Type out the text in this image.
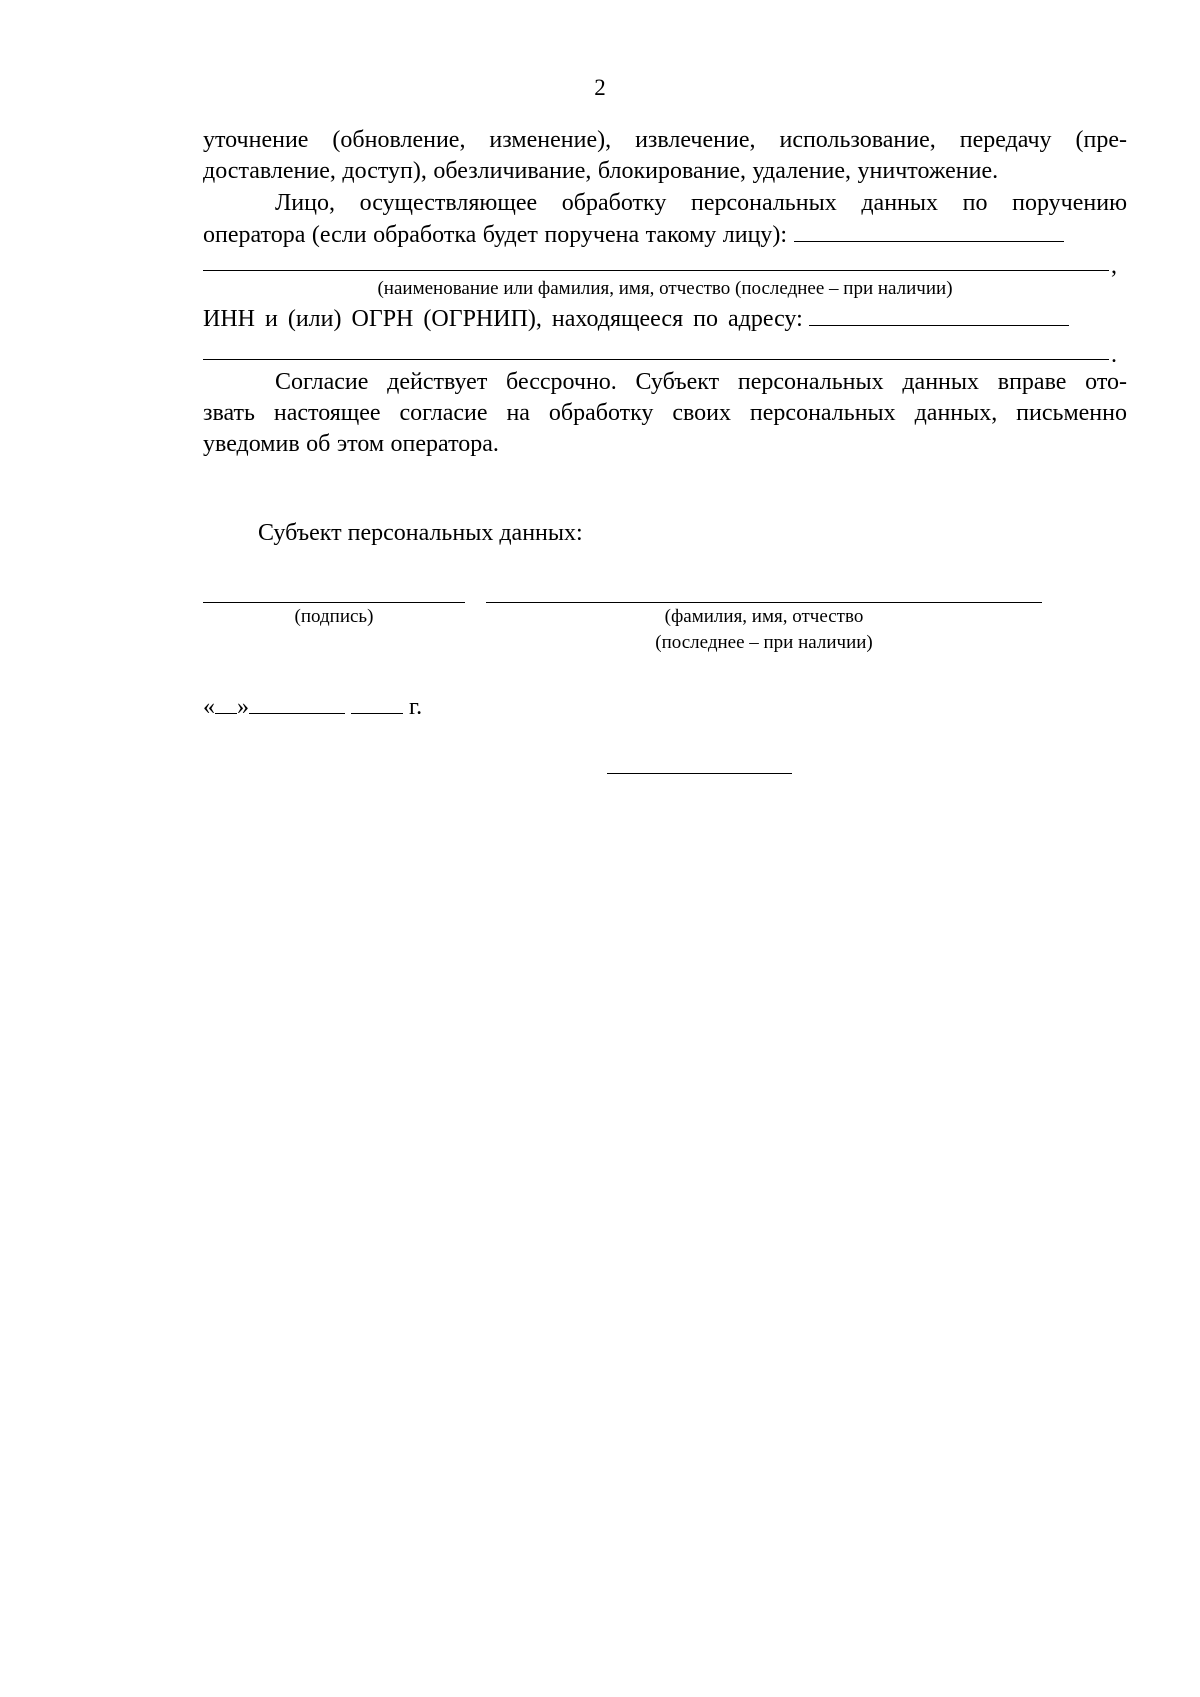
2
уточнение (обновление, изменение), извлечение, использование, передачу (пре-
доставление, доступ), обезличивание, блокирование, удаление, уничтожение.
Лицо, осуществляющее обработку персональных данных по поручению
оператора (если обработка будет поручена такому лицу):
,
(наименование или фамилия, имя, отчество (последнее – при наличии)
ИНН и (или) ОГРН (ОГРНИП), находящееся по адресу:
.
Согласие действует бессрочно. Субъект персональных данных вправе ото-
звать настоящее согласие на обработку своих персональных данных, письменно
уведомив об этом оператора.
Субъект персональных данных:
(подпись)	(фамилия, имя, отчество
(последнее – при наличии)
« »	г.
